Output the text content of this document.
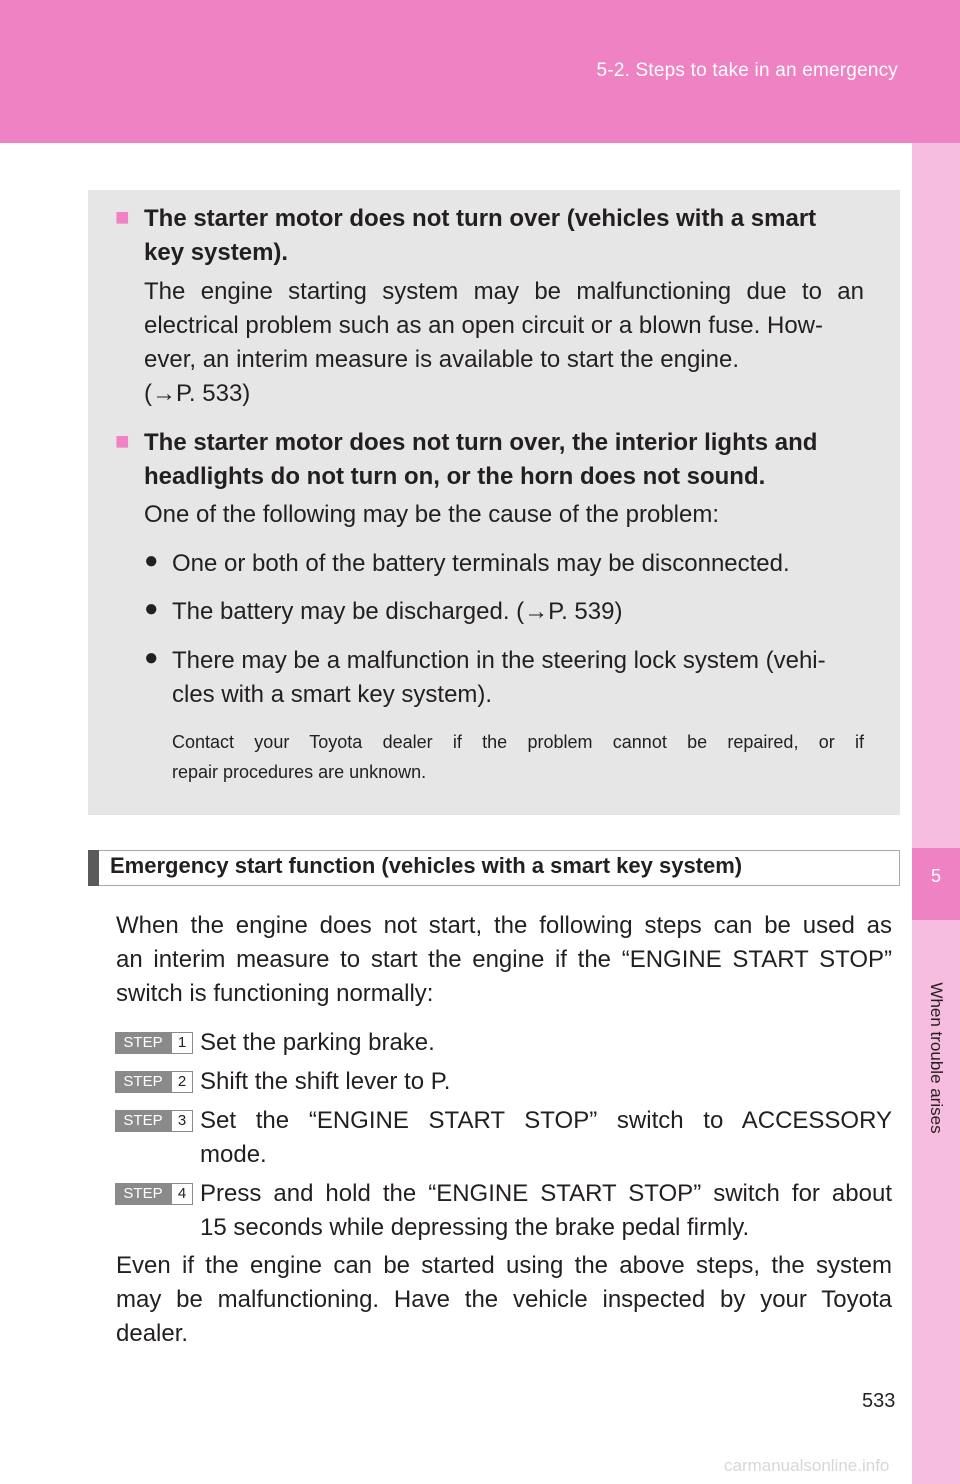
5-2. Steps to take in an emergency
5
When trouble arises
■ The starter motor does not turn over (vehicles with a smart
key system).
The engine starting system may be malfunctioning due to an
electrical problem such as an open circuit or a blown fuse. How-
ever, an interim measure is available to start the engine.
(→P. 533)
■ The starter motor does not turn over, the interior lights and
headlights do not turn on, or the horn does not sound.
One of the following may be the cause of the problem:
● One or both of the battery terminals may be disconnected.
● The battery may be discharged. (→P. 539)
● There may be a malfunction in the steering lock system (vehi-
cles with a smart key system).
Contact your Toyota dealer if the problem cannot be repaired, or if
repair procedures are unknown.
Emergency start function (vehicles with a smart key system)
When the engine does not start, the following steps can be used as
an interim measure to start the engine if the “ENGINE START STOP”
switch is functioning normally:
STEP	1 Set the parking brake.
STEP	2 Shift the shift lever to P.
STEP	3 Set the “ENGINE START STOP” switch to ACCESSORY
mode.
STEP	4 Press and hold the “ENGINE START STOP” switch for about
15 seconds while depressing the brake pedal firmly.
Even if the engine can be started using the above steps, the system
may be malfunctioning. Have the vehicle inspected by your Toyota
dealer.
533
carmanualsonline.info
